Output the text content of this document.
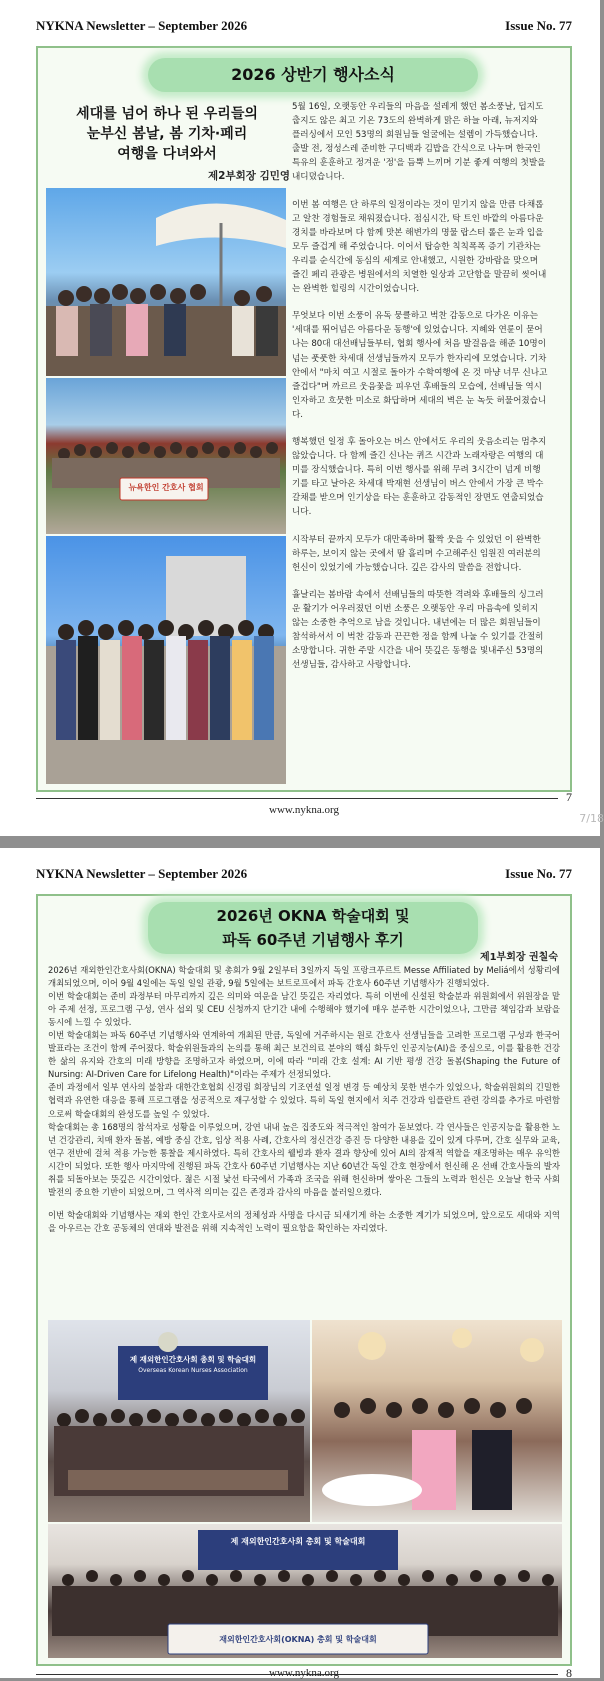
NYKNA Newsletter – September 2026	Issue No. 77
2026 상반기 행사소식
세대를 넘어 하나 된 우리들의
눈부신 봄날, 봄 기차·페리
여행을 다녀와서
제2부회장 김민영
뉴욕한인 간호사 협회

5월 16일, 오랫동안 우리들의 마음을 설레게 했던 봄소풍날, 덥지도 춥지도 않은 최고 기온 73도의 완벽하게 맑은 하늘 아래, 뉴저지와 플러싱에서 모인 53명의 회원님들 얼굴에는 설렘이 가득했습니다. 출발 전, 정성스레 준비한 구디백과 김밥을 간식으로 나누며 한국인 특유의 훈훈하고 정겨운 '정'을 듬뿍 느끼며 기분 좋게 여행의 첫발을 내디뎠습니다.

이번 봄 여행은 단 하루의 일정이라는 것이 믿기지 않을 만큼 다채롭고 알찬 경험들로 채워졌습니다. 점심시간, 탁 트인 바깥의 아름다운 경치를 바라보며 다 함께 맛본 해변가의 명물 랍스터 롤은 눈과 입을 모두 즐겁게 해 주었습니다. 이어서 탑승한 칙칙폭폭 증기 기관차는 우리를 순식간에 동심의 세계로 안내했고, 시원한 강바람을 맞으며 즐긴 페리 관광은 병원에서의 치열한 일상과 고단함을 말끔히 씻어내는 완벽한 힐링의 시간이었습니다.

무엇보다 이번 소풍이 유독 뭉클하고 벅찬 감동으로 다가온 이유는 '세대를 뛰어넘은 아름다운 동행'에 있었습니다. 지혜와 연륜이 묻어나는 80대 대선배님들부터, 협회 행사에 처음 발걸음을 해준 10명이 넘는 풋풋한 차세대 선생님들까지 모두가 한자리에 모였습니다. 기차 안에서 "마치 여고 시절로 돌아가 수학여행에 온 것 마냥 너무 신나고 즐겁다"며 까르르 웃음꽃을 피우던 후배들의 모습에, 선배님들 역시 인자하고 흐뭇한 미소로 화답하며 세대의 벽은 눈 녹듯 허물어졌습니다.

행복했던 일정 후 돌아오는 버스 안에서도 우리의 웃음소리는 멈추지 않았습니다. 다 함께 즐긴 신나는 퀴즈 시간과 노래자랑은 여행의 대미를 장식했습니다. 특히 이번 행사를 위해 무려 3시간이 넘게 비행기를 타고 날아온 차세대 박재현 선생님이 버스 안에서 가장 큰 박수갈채를 받으며 인기상을 타는 훈훈하고 감동적인 장면도 연출되었습니다.

시작부터 끝까지 모두가 대만족하며 활짝 웃을 수 있었던 이 완벽한 하루는, 보이지 않는 곳에서 땀 흘리며 수고해주신 임원진 여러분의 헌신이 있었기에 가능했습니다. 깊은 감사의 말씀을 전합니다.

휼날리는 봄바람 속에서 선배님들의 따뜻한 격려와 후배들의 싱그러운 활기가 어우러졌던 이번 소풍은 오랫동안 우리 마음속에 잊히지 않는 소중한 추억으로 남을 것입니다. 내년에는 더 많은 회원님들이 참석하셔서 이 벅찬 감동과 끈끈한 정을 함께 나눌 수 있기를 간절히 소망합니다. 귀한 주말 시간을 내어 뜻깊은 동행을 빛내주신 53명의 선생님들, 감사하고 사랑합니다.

7
www.nykna.org
7/18
NYKNA Newsletter – September 2026	Issue No. 77
2026년 OKNA 학술대회 및
파독 60주년 기념행사 후기
제1부회장 권칠숙

2026년 재외한인간호사회(OKNA) 학술대회 및 총회가 9월 2일부터 3일까지 독일 프랑크푸르트 Messe Affiliated by Meliá에서 성황리에 개최되었으며, 이어 9월 4일에는 독일 일일 관광, 9월 5일에는 보트로프에서 파독 간호사 60주년 기념행사가 진행되었다.

이번 학술대회는 준비 과정부터 마무리까지 깊은 의미와 여운을 남긴 뜻깊은 자리였다. 특히 이번에 신설된 학술분과 위원회에서 위원장을 맡아 주제 선정, 프로그램 구성, 연사 섭외 및 CEU 신청까지 단기간 내에 수행해야 했기에 매우 분주한 시간이었으나, 그만큼 책임감과 보람을 동시에 느낄 수 있었다.

이번 학술대회는 파독 60주년 기념행사와 연계하여 개최된 만큼, 독일에 거주하시는 원로 간호사 선생님들을 고려한 프로그램 구성과 한국어 발표라는 조건이 함께 주어졌다. 학술위원들과의 논의를 통해 최근 보건의료 분야의 핵심 화두인 인공지능(AI)을 중심으로, 이를 활용한 건강한 삶의 유지와 간호의 미래 방향을 조명하고자 하였으며, 이에 따라 "미래 간호 설계: AI 기반 평생 건강 돌봄(Shaping the Future of Nursing: AI-Driven Care for Lifelong Health)"이라는 주제가 선정되었다.

준비 과정에서 일부 연사의 불참과 대한간호협회 신경림 회장님의 기조연설 일정 변경 등 예상치 못한 변수가 있었으나, 학술위원회의 긴밀한 협력과 유연한 대응을 통해 프로그램을 성공적으로 재구성할 수 있었다. 특히 독일 현지에서 치주 건강과 임플란트 관련 강의를 추가로 마련함으로써 학술대회의 완성도를 높일 수 있었다.

학술대회는 총 168명의 참석자로 성황을 이루었으며, 강연 내내 높은 집중도와 적극적인 참여가 돋보였다. 각 연사들은 인공지능을 활용한 노년 건강관리, 치매 환자 돌봄, 예방 중심 간호, 임상 적용 사례, 간호사의 정신건강 증진 등 다양한 내용을 깊이 있게 다루며, 간호 실무와 교육, 연구 전반에 걸쳐 적용 가능한 통찰을 제시하였다. 특히 간호사의 웰빙과 환자 결과 향상에 있어 AI의 잠재적 역할을 재조명하는 매우 유익한 시간이 되었다. 또한 행사 마지막에 진행된 파독 간호사 60주년 기념행사는 지난 60년간 독일 간호 현장에서 헌신해 온 선배 간호사들의 발자취를 되돌아보는 뜻깊은 시간이었다. 젊은 시절 낯선 타국에서 가족과 조국을 위해 헌신하며 쌓아온 그들의 노력과 헌신은 오늘날 한국 사회 발전의 중요한 기반이 되었으며, 그 역사적 의미는 깊은 존경과 감사의 마음을 불러일으켰다.

이번 학술대회와 기념행사는 재외 한인 간호사로서의 정체성과 사명을 다시금 되새기게 하는 소중한 계기가 되었으며, 앞으로도 세대와 지역을 아우르는 간호 공동체의 연대와 발전을 위해 지속적인 노력이 필요함을 확인하는 자리였다.

제 재외한인간호사회 총회 및 학술대회
Overseas Korean Nurses Association
제 재외한인간호사회 총회 및 학술대회
재외한인간호사회(OKNA) 총회 및 학술대회
8
www.nykna.org
